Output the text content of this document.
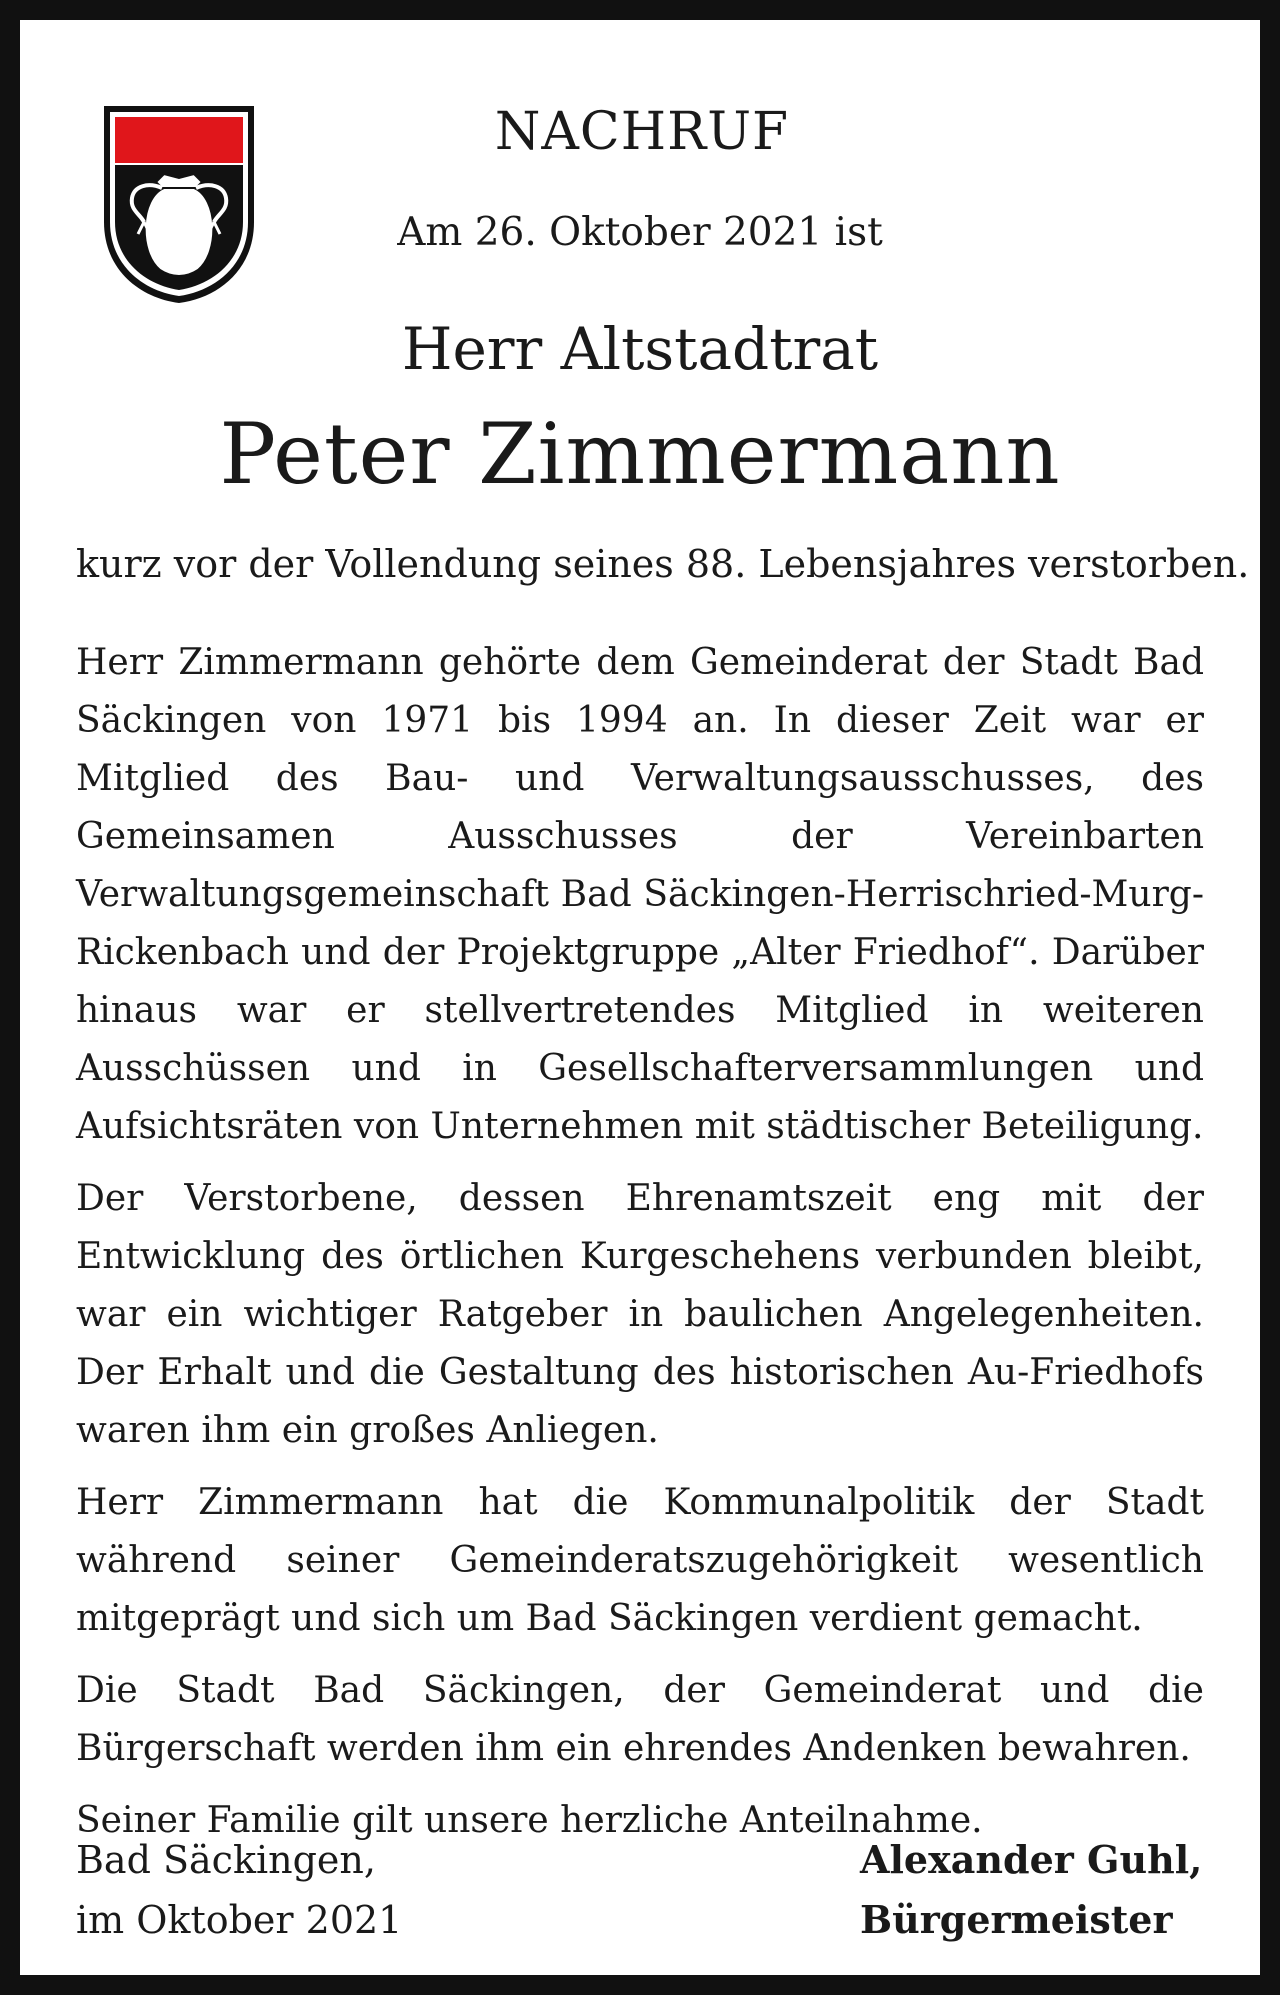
NACHRUF
Am 26. Oktober 2021 ist
Herr Altstadtrat
Peter Zimmermann
kurz vor der Vollendung seines 88. Lebensjahres verstorben.

Herr Zimmermann gehörte dem Gemeinderat der Stadt Bad Säckingen von 1971 bis 1994 an. In dieser Zeit war er Mitglied des Bau- und Verwaltungsausschusses, des Gemeinsamen Ausschusses der Vereinbarten Verwaltungsgemeinschaft Bad Säckingen-Herrischried-Murg-Rickenbach und der Projektgruppe „Alter Friedhof“. Darüber hinaus war er stellvertretendes Mitglied in weiteren Ausschüssen und in Gesellschafterversammlungen und Aufsichtsräten von Unternehmen mit städtischer Beteiligung.

Der Verstorbene, dessen Ehrenamtszeit eng mit der Entwicklung des örtlichen Kurgeschehens verbunden bleibt, war ein wichtiger Ratgeber in baulichen Angelegenheiten. Der Erhalt und die Gestaltung des historischen Au-Friedhofs waren ihm ein großes Anliegen.

Herr Zimmermann hat die Kommunalpolitik der Stadt während seiner Gemeinderatszugehörigkeit wesentlich mitgeprägt und sich um Bad Säckingen verdient gemacht.

Die Stadt Bad Säckingen, der Gemeinderat und die Bürgerschaft werden ihm ein ehrendes Andenken bewahren.

Seiner Familie gilt unsere herzliche Anteilnahme.

Bad Säckingen,
im Oktober 2021
Alexander Guhl,
Bürgermeister
